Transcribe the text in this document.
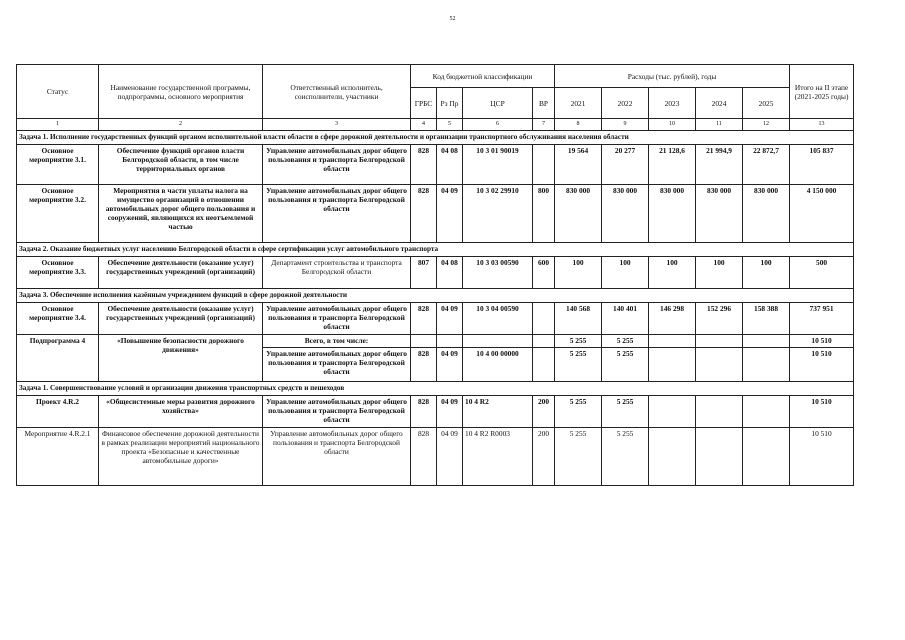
52
Статус	Наименование государственной программы, подпрограммы, основного мероприятия	Ответственный исполнитель, соисполнители, участники	Код бюджетной классификации				Расходы (тыс. рублей), годы					Итого на II этапе (2021-2025 годы)
			ГРБС	Рз Пр	ЦСР	ВР	2021	2022	2023	2024	2025	
1	2	3	4	5	6	7	8	9	10	11	12	13
Задача 1. Исполнение государственных функций органом исполнительной власти области в сфере дорожной деятельности и организации транспортного обслуживания населения области												
Основное мероприятие 3.1.	Обеспечение функций органов власти Белгородской области, в том числе территориальных органов	Управление автомобильных дорог общего пользования и транспорта Белгородской области	828	04 08	10 3 01 90019		19 564	20 277	21 128,6	21 994,9	22 872,7	105 837
Основное мероприятие 3.2.	Мероприятия в части уплаты налога на имущество организаций в отношении автомобильных дорог общего пользования и сооружений, являющихся их неотъемлемой частью	Управление автомобильных дорог общего пользования и транспорта Белгородской области	828	04 09	10 3 02 29910	800	830 000	830 000	830 000	830 000	830 000	4 150 000
Задача 2. Оказание бюджетных услуг населению Белгородской области в сфере сертификации услуг автомобильного транспорта												
Основное мероприятие 3.3.	Обеспечение деятельности (оказание услуг) государственных учреждений (организаций)	Департамент строительства и транспорта Белгородской области	807	04 08	10 3 03 00590	600	100	100	100	100	100	500
Задача 3. Обеспечение исполнения казённым учреждением функций в сфере дорожной деятельности												
Основное мероприятие 3.4.	Обеспечение деятельности (оказание услуг) государственных учреждений (организаций)	Управление автомобильных дорог общего пользования и транспорта Белгородской области	828	04 09	10 3 04 00590		140 568	140 401	146 298	152 296	158 388	737 951
Подпрограмма 4	«Повышение безопасности дорожного движения»	Всего, в том числе:					5 255	5 255				10 510
		Управление автомобильных дорог общего пользования и транспорта Белгородской области	828	04 09	10 4 00 00000		5 255	5 255				10 510
Задача 1. Совершенствование условий и организации движения транспортных средств и пешеходов												
Проект 4.R.2	«Общесистемные меры развития дорожного хозяйства»	Управление автомобильных дорог общего пользования и транспорта Белгородской области	828	04 09	10 4 R2	200	5 255	5 255				10 510
Мероприятие 4.R.2.1	Финансовое обеспечение дорожной деятельности в рамках реализации мероприятий национального проекта «Безопасные и качественные автомобильные дороги»	Управление автомобильных дорог общего пользования и транспорта Белгородской области	828	04 09	10 4 R2 R0003	200	5 255	5 255				10 510
